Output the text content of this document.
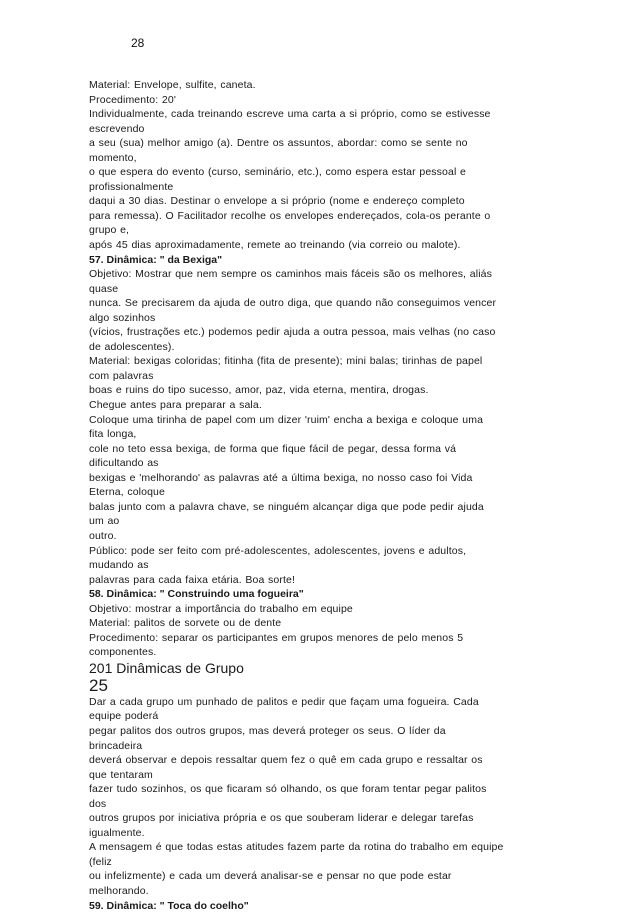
28
Material: Envelope, sulfite, caneta.
Procedimento: 20'
Individualmente, cada treinando escreve uma carta a si próprio, como se estivesse
escrevendo
a seu (sua) melhor amigo (a). Dentre os assuntos, abordar: como se sente no
momento,
o que espera do evento (curso, seminário, etc.), como espera estar pessoal e
profissionalmente
daqui a 30 dias. Destinar o envelope a si próprio (nome e endereço completo
para remessa). O Facilitador recolhe os envelopes endereçados, cola-os perante o
grupo e,
após 45 dias aproximadamente, remete ao treinando (via correio ou malote).
57. Dinâmica: " da Bexiga"
Objetivo: Mostrar que nem sempre os caminhos mais fáceis são os melhores, aliás
quase
nunca. Se precisarem da ajuda de outro diga, que quando não conseguimos vencer
algo sozinhos
(vícios, frustrações etc.) podemos pedir ajuda a outra pessoa, mais velhas (no caso
de adolescentes).
Material: bexigas coloridas; fitinha (fita de presente); mini balas; tirinhas de papel
com palavras
boas e ruins do tipo sucesso, amor, paz, vida eterna, mentira, drogas.
Chegue antes para preparar a sala.
Coloque uma tirinha de papel com um dizer 'ruim' encha a bexiga e coloque uma
fita longa,
cole no teto essa bexiga, de forma que fique fácil de pegar, dessa forma vá
dificultando as
bexigas e 'melhorando' as palavras até a última bexiga, no nosso caso foi Vida
Eterna, coloque
balas junto com a palavra chave, se ninguém alcançar diga que pode pedir ajuda
um ao
outro.
Público: pode ser feito com pré-adolescentes, adolescentes, jovens e adultos,
mudando as
palavras para cada faixa etária. Boa sorte!
58. Dinâmica: " Construindo uma fogueira"
Objetivo: mostrar a importância do trabalho em equipe
Material: palitos de sorvete ou de dente
Procedimento: separar os participantes em grupos menores de pelo menos 5
componentes.
201 Dinâmicas de Grupo
25
Dar a cada grupo um punhado de palitos e pedir que façam uma fogueira. Cada
equipe poderá
pegar palitos dos outros grupos, mas deverá proteger os seus. O líder da
brincadeira
deverá observar e depois ressaltar quem fez o quê em cada grupo e ressaltar os
que tentaram
fazer tudo sozinhos, os que ficaram só olhando, os que foram tentar pegar palitos
dos
outros grupos por iniciativa própria e os que souberam liderar e delegar tarefas
igualmente.
A mensagem é que todas estas atitudes fazem parte da rotina do trabalho em equipe
(feliz
ou infelizmente) e cada um deverá analisar-se e pensar no que pode estar
melhorando.
59. Dinâmica: " Toca do coelho"
